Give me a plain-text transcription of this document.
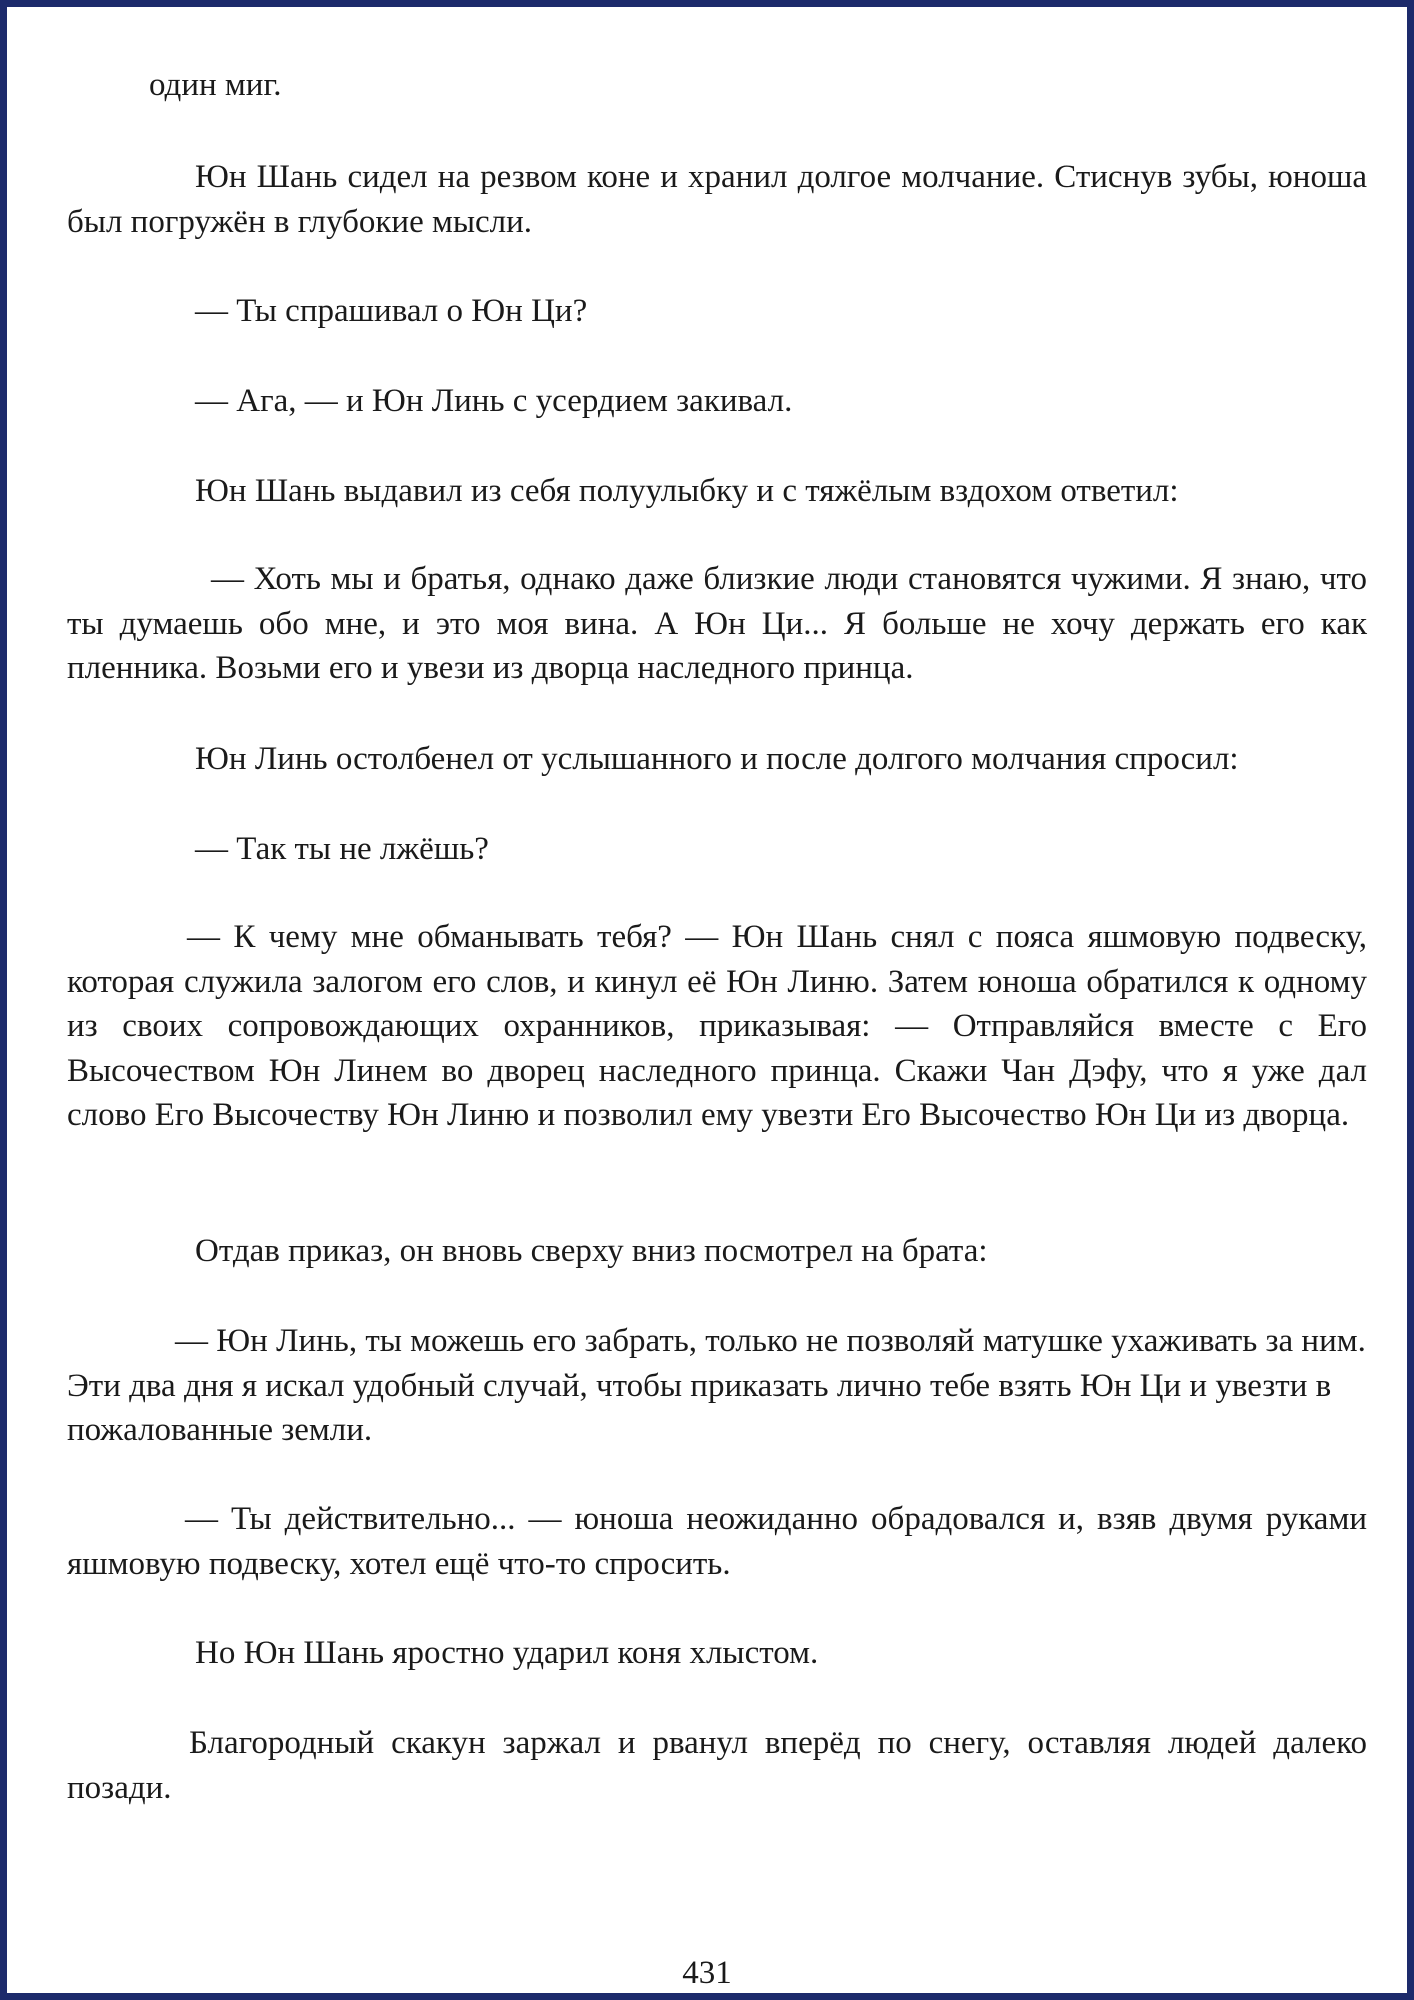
один миг.

Юн Шань сидел на резвом коне и хранил долгое молчание. Стиснув зубы, юноша был погружён в глубокие мысли.

— Ты спрашивал о Юн Ци?

— Ага, — и Юн Линь с усердием закивал.

Юн Шань выдавил из себя полуулыбку и с тяжёлым вздохом ответил:

— Хоть мы и братья, однако даже близкие люди становятся чужими. Я знаю, что ты думаешь обо мне, и это моя вина. А Юн Ци... Я больше не хочу держать его как пленника. Возьми его и увези из дворца наследного принца.

Юн Линь остолбенел от услышанного и после долгого молчания спросил:

— Так ты не лжёшь?

— К чему мне обманывать тебя? — Юн Шань снял с пояса яшмовую подвеску, которая служила залогом его слов, и кинул её Юн Линю. Затем юноша обратился к одному из своих сопровождающих охранников, приказывая: — Отправляйся вместе с Его Высочеством Юн Линем во дворец наследного принца. Скажи Чан Дэфу, что я уже дал слово Его Высочеству Юн Линю и позволил ему увезти Его Высочество Юн Ци из дворца.

Отдав приказ, он вновь сверху вниз посмотрел на брата:

— Юн Линь, ты можешь его забрать, только не позволяй матушке ухаживать за ним. Эти два дня я искал удобный случай, чтобы приказать лично тебе взять Юн Ци и увезти в пожалованные земли.

— Ты действительно... — юноша неожиданно обрадовался и, взяв двумя руками яшмовую подвеску, хотел ещё что-то спросить.

Но Юн Шань яростно ударил коня хлыстом.

Благородный скакун заржал и рванул вперёд по снегу, оставляя людей далеко позади.

431
